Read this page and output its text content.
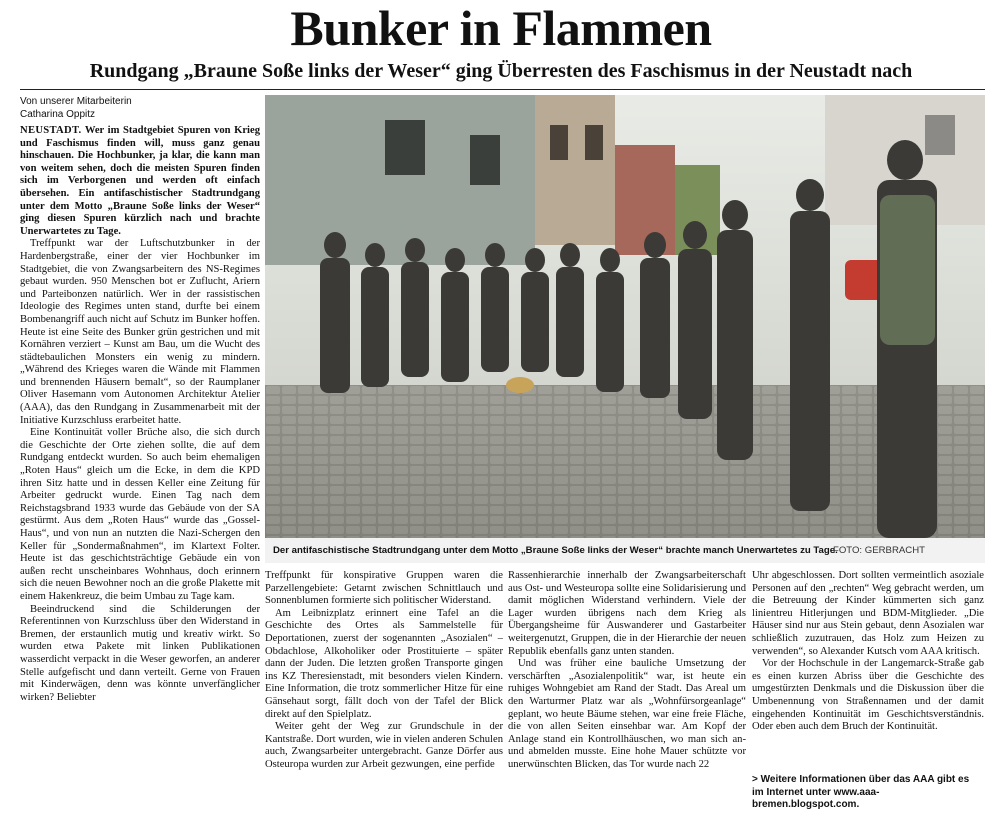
Bunker in Flammen
Rundgang „Braune Soße links der Weser“ ging Überresten des Faschismus in der Neustadt nach
Von unserer Mitarbeiterin
Catharina Oppitz

NEUSTADT. Wer im Stadtgebiet Spuren von Krieg und Faschismus finden will, muss ganz genau hinschauen. Die Hochbunker, ja klar, die kann man von weitem sehen, doch die meisten Spuren finden sich im Verborgenen und werden oft einfach übersehen. Ein antifaschistischer Stadtrundgang unter dem Motto „Braune Soße links der Weser“ ging diesen Spuren kürzlich nach und brachte Unerwartetes zu Tage.

Treffpunkt war der Luftschutzbunker in der Hardenbergstraße, einer der vier Hochbunker im Stadtgebiet, die von Zwangsarbeitern des NS-Regimes gebaut wurden. 950 Menschen bot er Zuflucht, Ariern und Parteibonzen natürlich. Wer in der rassistischen Ideologie des Regimes unten stand, durfte bei einem Bombenangriff auch nicht auf Schutz im Bunker hoffen. Heute ist eine Seite des Bunker grün gestrichen und mit Kornähren verziert – Kunst am Bau, um die Wucht des städtebaulichen Monsters ein wenig zu mindern. „Während des Krieges waren die Wände mit Flammen und brennenden Häusern bemalt“, so der Raumplaner Oliver Hasemann vom Autonomen Architektur Atelier (AAA), das den Rundgang in Zusammenarbeit mit der Initiative Kurzschluss erarbeitet hatte.

Eine Kontinuität voller Brüche also, die sich durch die Geschichte der Orte ziehen sollte, die auf dem Rundgang entdeckt wurden. So auch beim ehemaligen „Roten Haus“ gleich um die Ecke, in dem die KPD ihren Sitz hatte und in dessen Keller eine Zeitung für Arbeiter gedruckt wurde. Einen Tag nach dem Reichstagsbrand 1933 wurde das Gebäude von der SA gestürmt. Aus dem „Roten Haus“ wurde das „Gossel-Haus“, und von nun an nutzten die Nazi-Schergen den Keller für „Sondermaßnahmen“, im Klartext Folter. Heute ist das geschichtsträchtige Gebäude ein von außen recht unscheinbares Wohnhaus, doch erinnern sich die neuen Bewohner noch an die große Plakette mit einem Hakenkreuz, die beim Umbau zu Tage kam.

Beeindruckend sind die Schilderungen der Referentinnen von Kurzschluss über den Widerstand in Bremen, der erstaunlich mutig und kreativ wirkt. So wurden etwa Pakete mit linken Publikationen wasserdicht verpackt in die Weser geworfen, an anderer Stelle aufgefischt und dann verteilt. Gerne von Frauen mit Kinderwägen, denn was könnte unverfänglicher wirken? Beliebter

Der antifaschistische Stadtrundgang unter dem Motto „Braune Soße links der Weser“ brachte manch Unerwartetes zu Tage.
FOTO: GERBRACHT

Treffpunkt für konspirative Gruppen waren die Parzellengebiete: Getarnt zwischen Schnittlauch und Sonnenblumen formierte sich politischer Widerstand.

Am Leibnizplatz erinnert eine Tafel an die Geschichte des Ortes als Sammelstelle für Deportationen, zuerst der sogenannten „Asozialen“ – Obdachlose, Alkoholiker oder Prostituierte – später dann der Juden. Die letzten großen Transporte gingen ins KZ Theresienstadt, mit besonders vielen Kindern. Eine Information, die trotz sommerlicher Hitze für eine Gänsehaut sorgt, fällt doch von der Tafel der Blick direkt auf den Spielplatz.

Weiter geht der Weg zur Grundschule in der Kantstraße. Dort wurden, wie in vielen anderen Schulen auch, Zwangsarbeiter untergebracht. Ganze Dörfer aus Osteuropa wurden zur Arbeit gezwungen, eine perfide

Rassenhierarchie innerhalb der Zwangsarbeiterschaft aus Ost- und Westeuropa sollte eine Solidarisierung und damit möglichen Widerstand verhindern. Viele der Lager wurden übrigens nach dem Krieg als Übergangsheime für Auswanderer und Gastarbeiter weitergenutzt, Gruppen, die in der Hierarchie der neuen Republik ebenfalls ganz unten standen.

Und was früher eine bauliche Umsetzung der verschärften „Asozialenpolitik“ war, ist heute ein ruhiges Wohngebiet am Rand der Stadt. Das Areal um den Warturmer Platz war als „Wohnfürsorgeanlage“ geplant, wo heute Bäume stehen, war eine freie Fläche, die von allen Seiten einsehbar war. Am Kopf der Anlage stand ein Kontrollhäuschen, wo man sich an- und abmelden musste. Eine hohe Mauer schützte vor unerwünschten Blicken, das Tor wurde nach 22

Uhr abgeschlossen. Dort sollten vermeintlich asoziale Personen auf den „rechten“ Weg gebracht werden, um die Betreuung der Kinder kümmerten sich ganz linientreu Hitlerjungen und BDM-Mitglieder. „Die Häuser sind nur aus Stein gebaut, denn Asozialen war schließlich zuzutrauen, das Holz zum Heizen zu verwenden“, so Alexander Kutsch vom AAA kritisch.

Vor der Hochschule in der Langemarck-Straße gab es einen kurzen Abriss über die Geschichte des umgestürzten Denkmals und die Diskussion über die Umbenennung von Straßennamen und der damit eingehenden Kontinuität im Geschichtsverständnis. Oder eben auch dem Bruch der Kontinuität.

> Weitere Informationen über das AAA gibt es im Internet unter www.aaa-bremen.blogspot.com.
